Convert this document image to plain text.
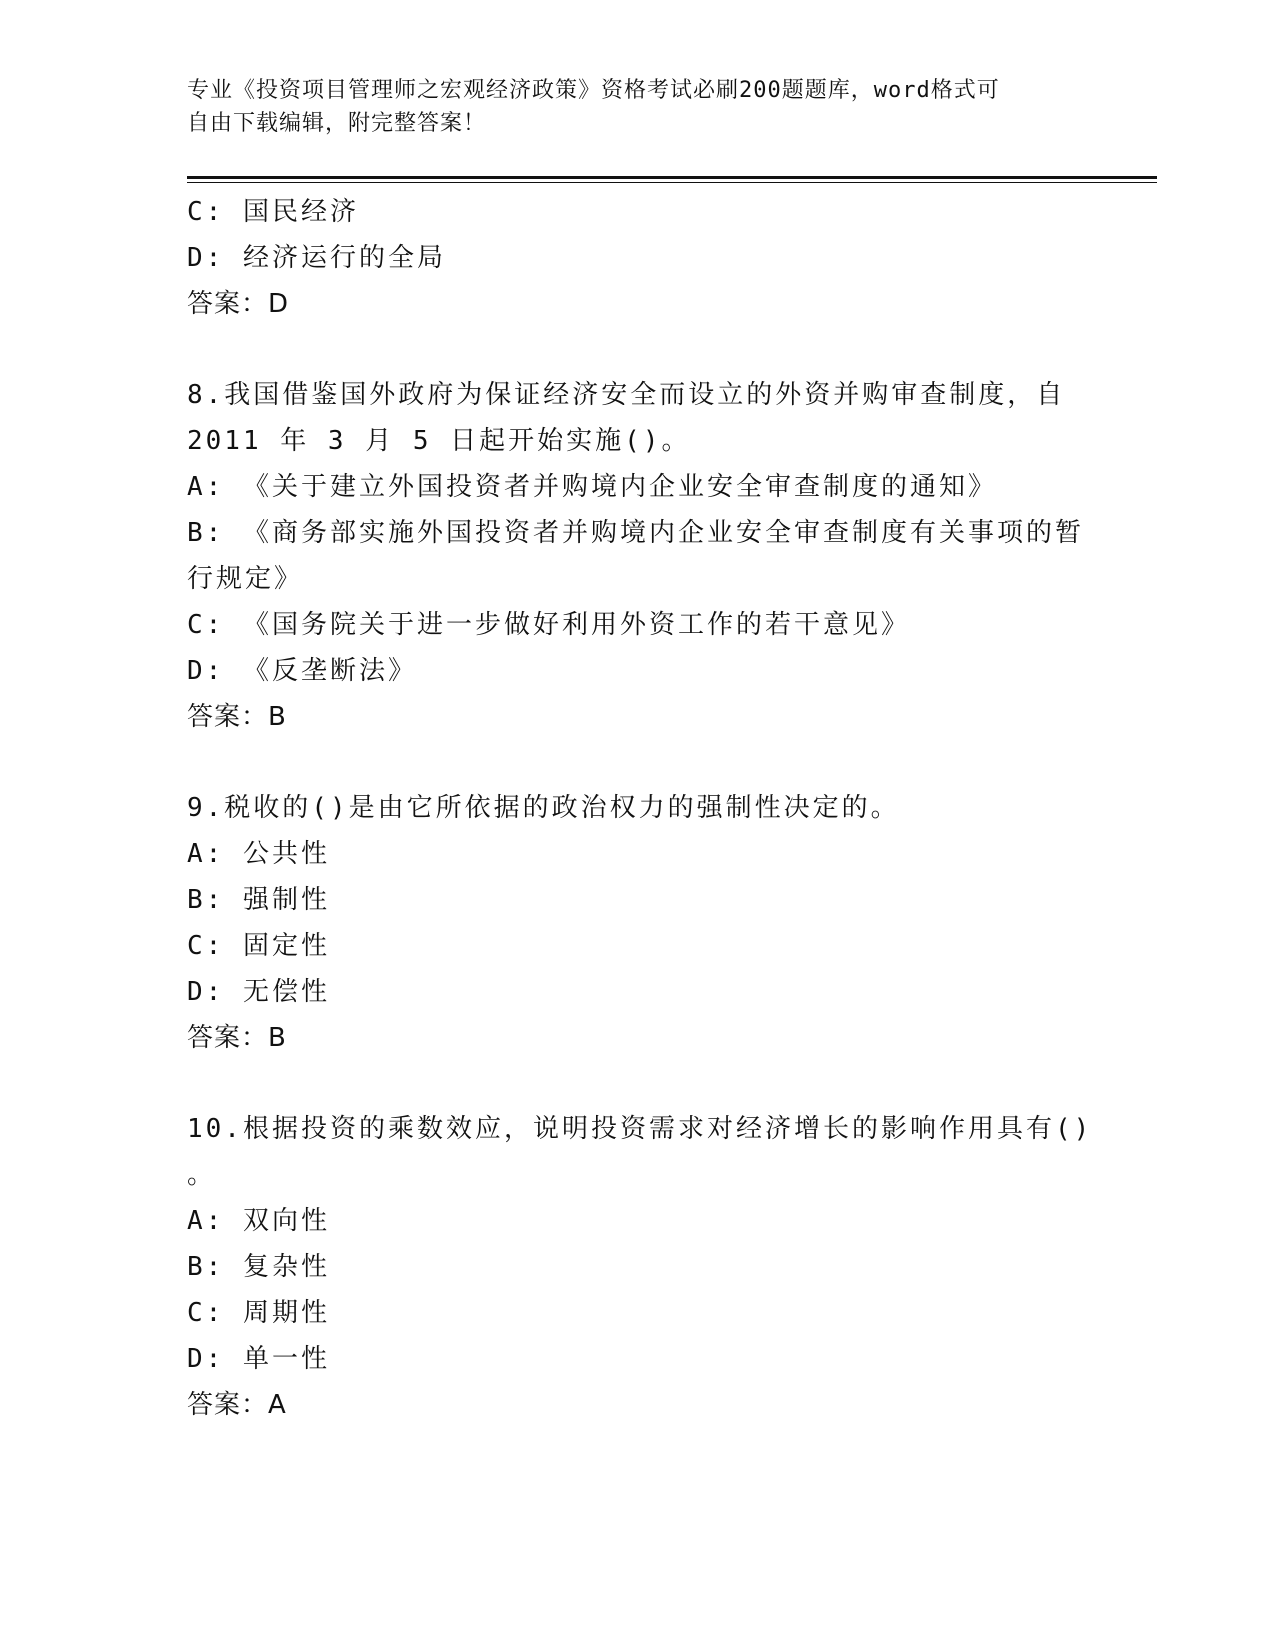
专业《投资项目管理师之宏观经济政策》资格考试必刷200题题库，word格式可
自由下载编辑，附完整答案！
C: 国民经济
D: 经济运行的全局
答案：D
8.我国借鉴国外政府为保证经济安全而设立的外资并购审查制度，自
2011 年 3 月 5 日起开始实施()。
A: 《关于建立外国投资者并购境内企业安全审查制度的通知》
B: 《商务部实施外国投资者并购境内企业安全审查制度有关事项的暂
行规定》
C: 《国务院关于进一步做好利用外资工作的若干意见》
D: 《反垄断法》
答案：B
9.税收的()是由它所依据的政治权力的强制性决定的。
A: 公共性
B: 强制性
C: 固定性
D: 无偿性
答案：B
10.根据投资的乘数效应，说明投资需求对经济增长的影响作用具有()
。
A: 双向性
B: 复杂性
C: 周期性
D: 单一性
答案：A
